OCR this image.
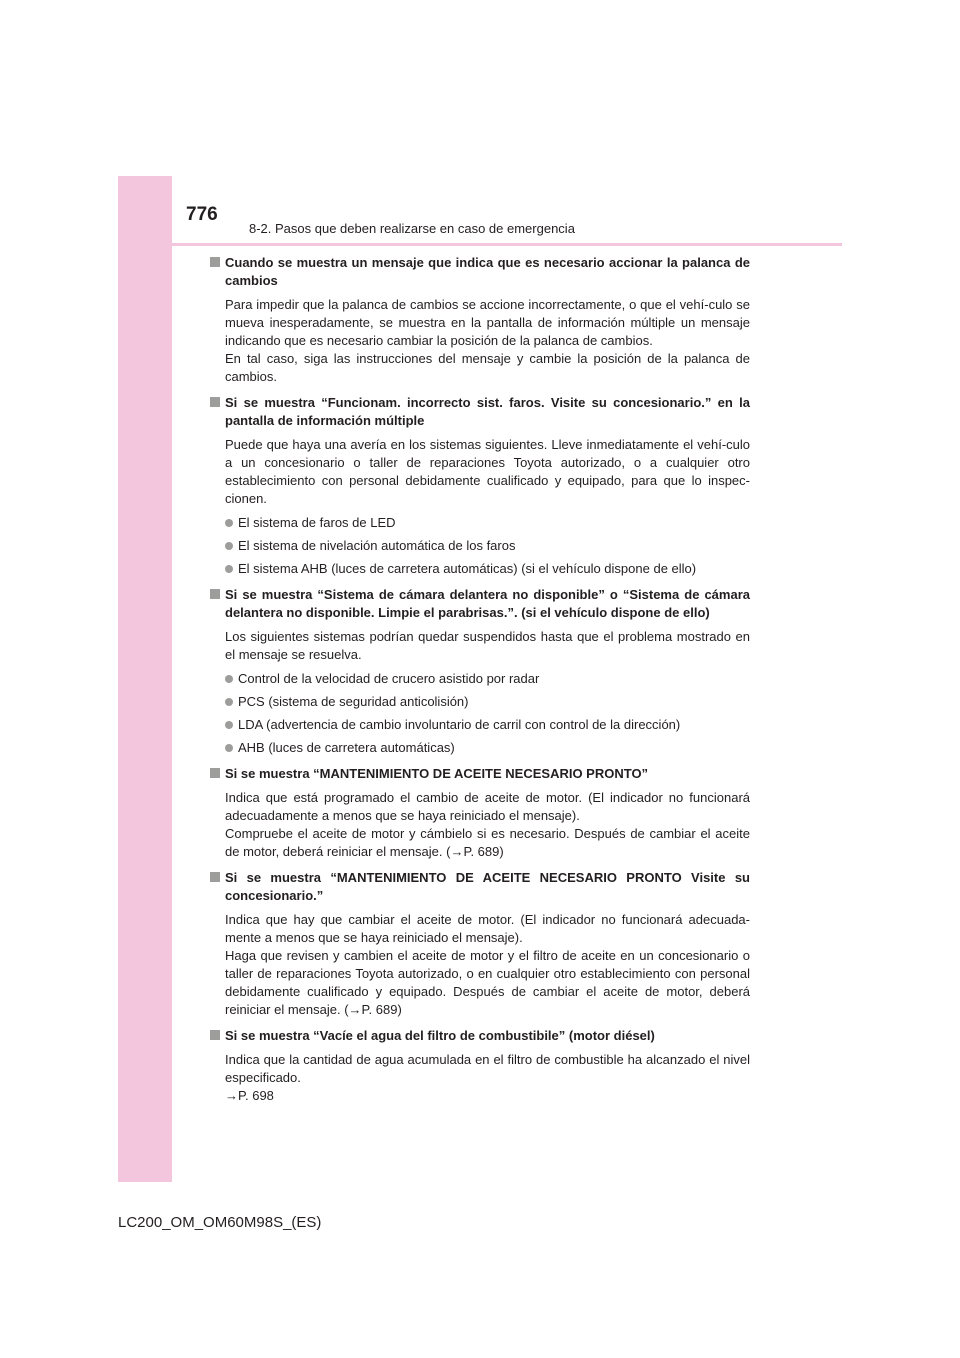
776
8-2. Pasos que deben realizarse en caso de emergencia
Cuando se muestra un mensaje que indica que es necesario accionar la palanca de cambios
Para impedir que la palanca de cambios se accione incorrectamente, o que el vehí-culo se mueva inesperadamente, se muestra en la pantalla de información múltiple un mensaje indicando que es necesario cambiar la posición de la palanca de cambios.
En tal caso, siga las instrucciones del mensaje y cambie la posición de la palanca de cambios.
Si se muestra “Funcionam. incorrecto sist. faros. Visite su concesionario.” en la pantalla de información múltiple
Puede que haya una avería en los sistemas siguientes. Lleve inmediatamente el vehí-culo a un concesionario o taller de reparaciones Toyota autorizado, o a cualquier otro establecimiento con personal debidamente cualificado y equipado, para que lo inspec-cionen.
El sistema de faros de LED
El sistema de nivelación automática de los faros
El sistema AHB (luces de carretera automáticas) (si el vehículo dispone de ello)
Si se muestra “Sistema de cámara delantera no disponible” o “Sistema de cámara delantera no disponible. Limpie el parabrisas.”. (si el vehículo dispone de ello)
Los siguientes sistemas podrían quedar suspendidos hasta que el problema mostrado en el mensaje se resuelva.
Control de la velocidad de crucero asistido por radar
PCS (sistema de seguridad anticolisión)
LDA (advertencia de cambio involuntario de carril con control de la dirección)
AHB (luces de carretera automáticas)
Si se muestra “MANTENIMIENTO DE ACEITE NECESARIO PRONTO”
Indica que está programado el cambio de aceite de motor. (El indicador no funcionará adecuadamente a menos que se haya reiniciado el mensaje).
Compruebe el aceite de motor y cámbielo si es necesario. Después de cambiar el aceite de motor, deberá reiniciar el mensaje. (→P. 689)
Si se muestra “MANTENIMIENTO DE ACEITE NECESARIO PRONTO Visite su concesionario.”
Indica que hay que cambiar el aceite de motor. (El indicador no funcionará adecuada-mente a menos que se haya reiniciado el mensaje).
Haga que revisen y cambien el aceite de motor y el filtro de aceite en un concesionario o taller de reparaciones Toyota autorizado, o en cualquier otro establecimiento con personal debidamente cualificado y equipado. Después de cambiar el aceite de motor, deberá reiniciar el mensaje. (→P. 689)
Si se muestra “Vacíe el agua del filtro de combustibile” (motor diésel)
Indica que la cantidad de agua acumulada en el filtro de combustible ha alcanzado el nivel especificado.
→P. 698
LC200_OM_OM60M98S_(ES)
